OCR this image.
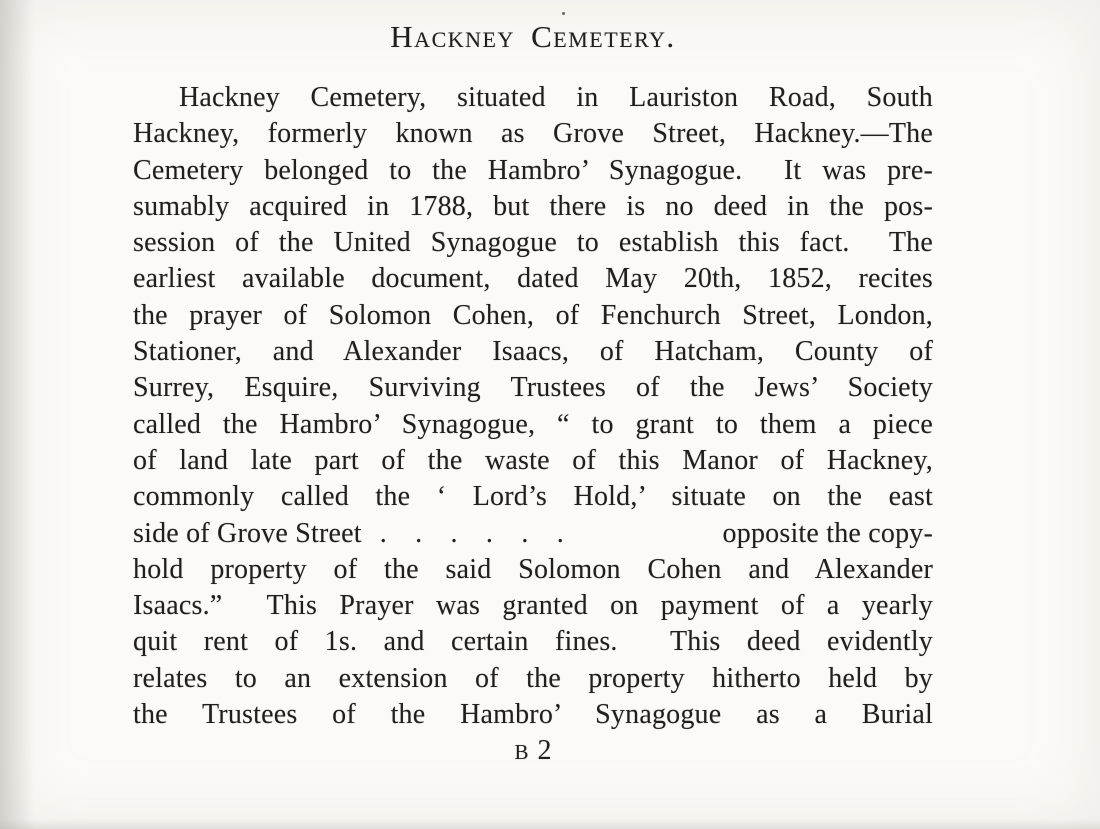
Hackney Cemetery.
Hackney Cemetery, situated in Lauriston Road, South
Hackney, formerly known as Grove Street, Hackney.—The
Cemetery belonged to the Hambro’ Synagogue.  It was pre-
sumably acquired in 1788, but there is no deed in the pos-
session of the United Synagogue to establish this fact.  The
earliest available document, dated May 20th, 1852, recites
the prayer of Solomon Cohen, of Fenchurch Street, London,
Stationer, and Alexander Isaacs, of Hatcham, County of
Surrey, Esquire, Surviving Trustees of the Jews’ Society
called the Hambro’ Synagogue, “ to grant to them a piece
of land late part of the waste of this Manor of Hackney,
commonly called the ‘ Lord’s Hold,’ situate on the east
side of Grove Street . . . . . .	opposite the copy-
hold property of the said Solomon Cohen and Alexander
Isaacs.”  This Prayer was granted on payment of a yearly
quit rent of 1s. and certain fines.  This deed evidently
relates to an extension of the property hitherto held by
the Trustees of the Hambro’ Synagogue as a Burial
B 2
